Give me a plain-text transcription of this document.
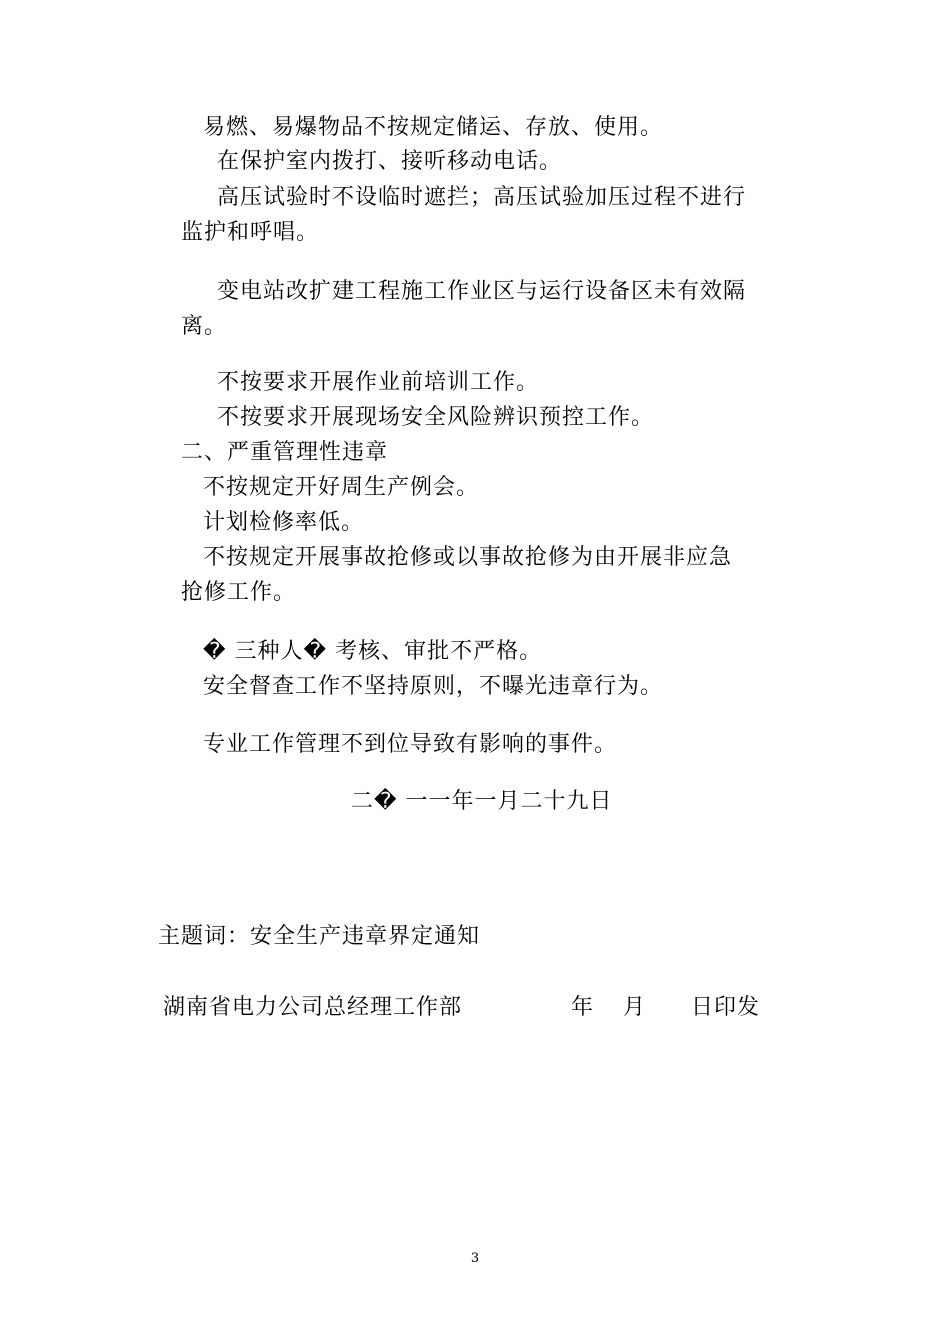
易燃、易爆物品不按规定储运、存放、使用。
在保护室内拨打、接听移动电话。
高压试验时不设临时遮拦；高压试验加压过程不进行
监护和呼唱。
变电站改扩建工程施工作业区与运行设备区未有效隔
离。
不按要求开展作业前培训工作。
不按要求开展现场安全风险辨识预控工作。
二、严重管理性违章
不按规定开好周生产例会。
计划检修率低。
不按规定开展事故抢修或以事故抢修为由开展非应急
抢修工作。
� 三种人� 考核、审批不严格。
安全督查工作不坚持原则，不曝光违章行为。
专业工作管理不到位导致有影响的事件。
二� 一一年一月二十九日
主题词：安全生产违章界定通知
湖南省电力公司总经理工作部	年 月 日印发
3
